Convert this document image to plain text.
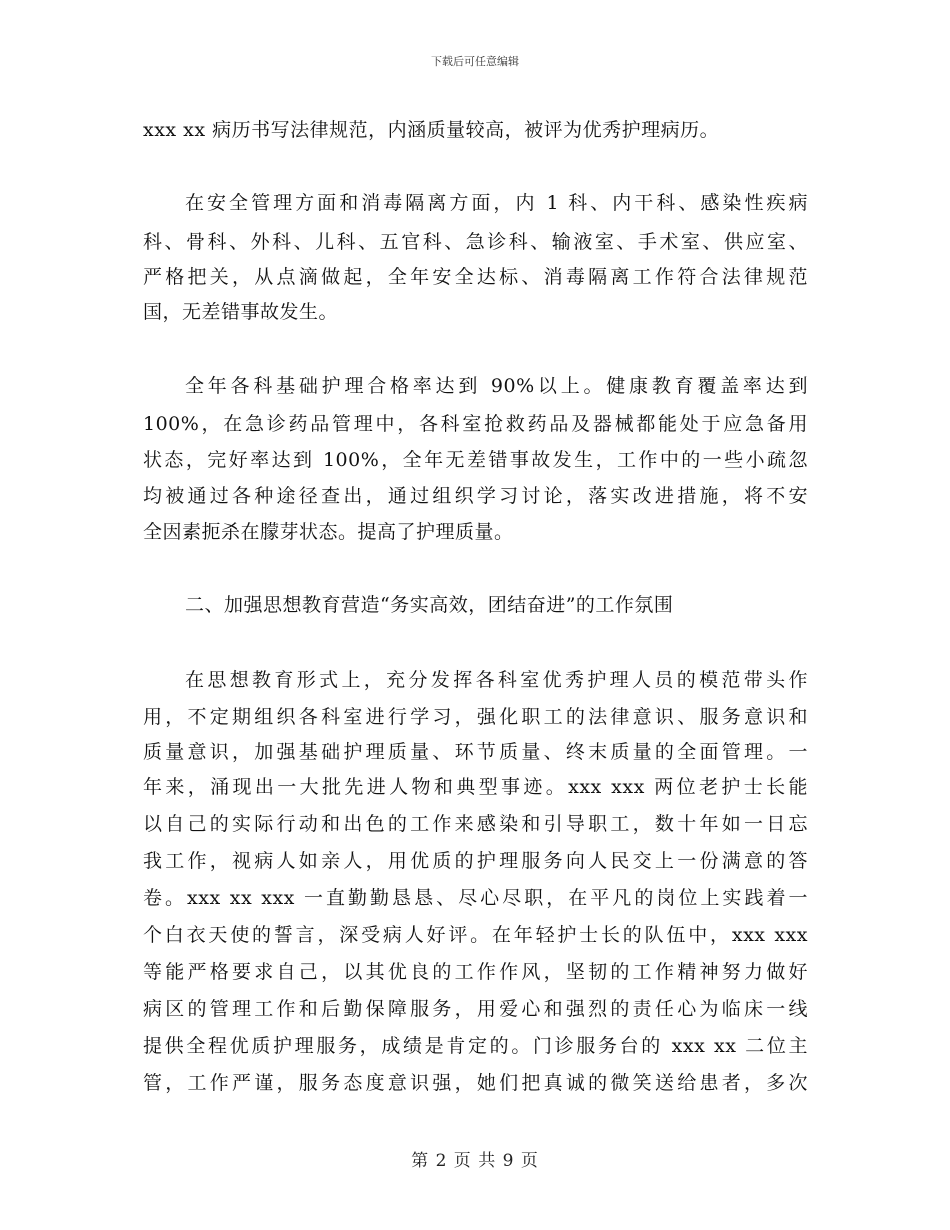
下载后可任意编辑
xxx xx 病历书写法律规范，内涵质量较高，被评为优秀护理病历。
在安全管理方面和消毒隔离方面，内 1 科、内干科、感染性疾病
科、骨科、外科、儿科、五官科、急诊科、输液室、手术室、供应室、
严格把关，从点滴做起，全年安全达标、消毒隔离工作符合法律规范
国，无差错事故发生。
全年各科基础护理合格率达到 90%以上。健康教育覆盖率达到
100%，在急诊药品管理中，各科室抢救药品及器械都能处于应急备用
状态，完好率达到 100%，全年无差错事故发生，工作中的一些小疏忽
均被通过各种途径查出，通过组织学习讨论，落实改进措施，将不安
全因素扼杀在朦芽状态。提高了护理质量。
二、加强思想教育营造“务实高效，团结奋进”的工作氛围
在思想教育形式上，充分发挥各科室优秀护理人员的模范带头作
用，不定期组织各科室进行学习，强化职工的法律意识、服务意识和
质量意识，加强基础护理质量、环节质量、终末质量的全面管理。一
年来，涌现出一大批先进人物和典型事迹。xxx xxx 两位老护士长能
以自己的实际行动和出色的工作来感染和引导职工，数十年如一日忘
我工作，视病人如亲人，用优质的护理服务向人民交上一份满意的答
卷。xxx xx xxx 一直勤勤恳恳、尽心尽职，在平凡的岗位上实践着一
个白衣天使的誓言，深受病人好评。在年轻护士长的队伍中，xxx xxx
等能严格要求自己，以其优良的工作作风，坚韧的工作精神努力做好
病区的管理工作和后勤保障服务，用爱心和强烈的责任心为临床一线
提供全程优质护理服务，成绩是肯定的。门诊服务台的 xxx xx 二位主
管，工作严谨，服务态度意识强，她们把真诚的微笑送给患者，多次
第 2 页 共 9 页
